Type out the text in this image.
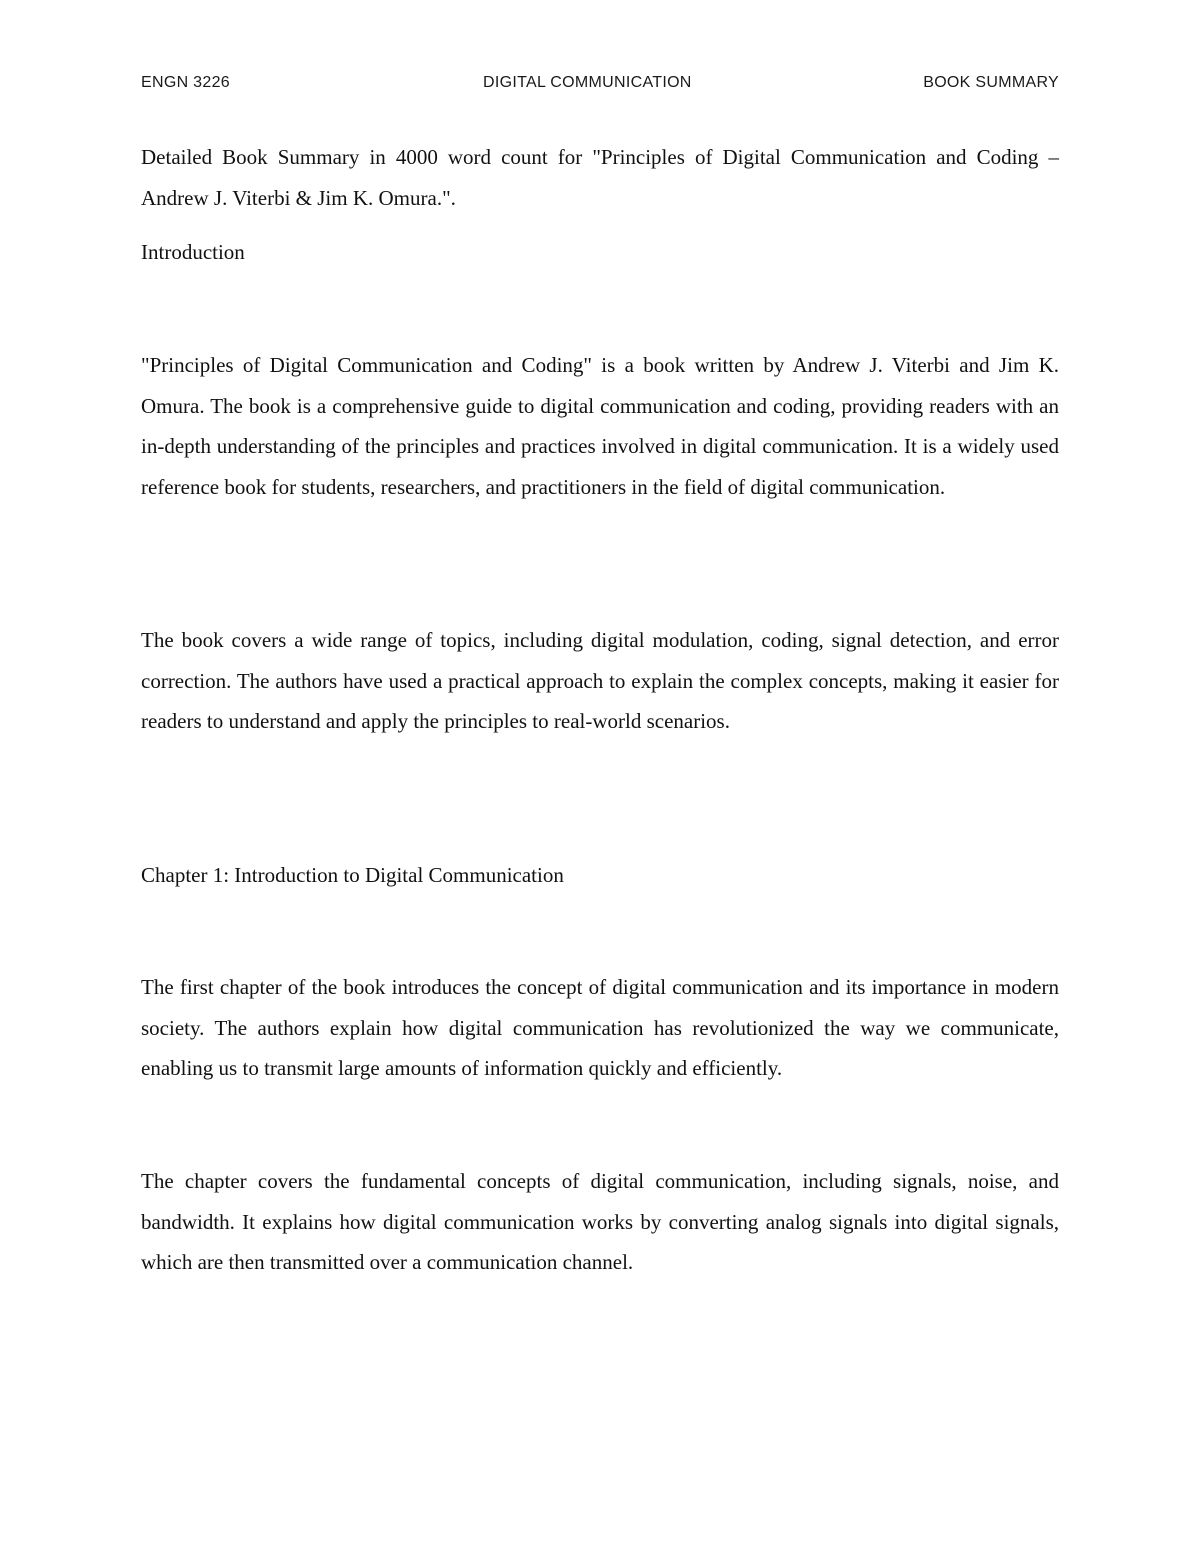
ENGN 3226	DIGITAL COMMUNICATION	BOOK SUMMARY

Detailed Book Summary in 4000 word count for "Principles of Digital Communication and Coding – Andrew J. Viterbi & Jim K. Omura.".

Introduction

"Principles of Digital Communication and Coding" is a book written by Andrew J. Viterbi and Jim K. Omura. The book is a comprehensive guide to digital communication and coding, providing readers with an in-depth understanding of the principles and practices involved in digital communication. It is a widely used reference book for students, researchers, and practitioners in the field of digital communication.

The book covers a wide range of topics, including digital modulation, coding, signal detection, and error correction. The authors have used a practical approach to explain the complex concepts, making it easier for readers to understand and apply the principles to real-world scenarios.

Chapter 1: Introduction to Digital Communication

The first chapter of the book introduces the concept of digital communication and its importance in modern society. The authors explain how digital communication has revolutionized the way we communicate, enabling us to transmit large amounts of information quickly and efficiently.

The chapter covers the fundamental concepts of digital communication, including signals, noise, and bandwidth. It explains how digital communication works by converting analog signals into digital signals, which are then transmitted over a communication channel.
